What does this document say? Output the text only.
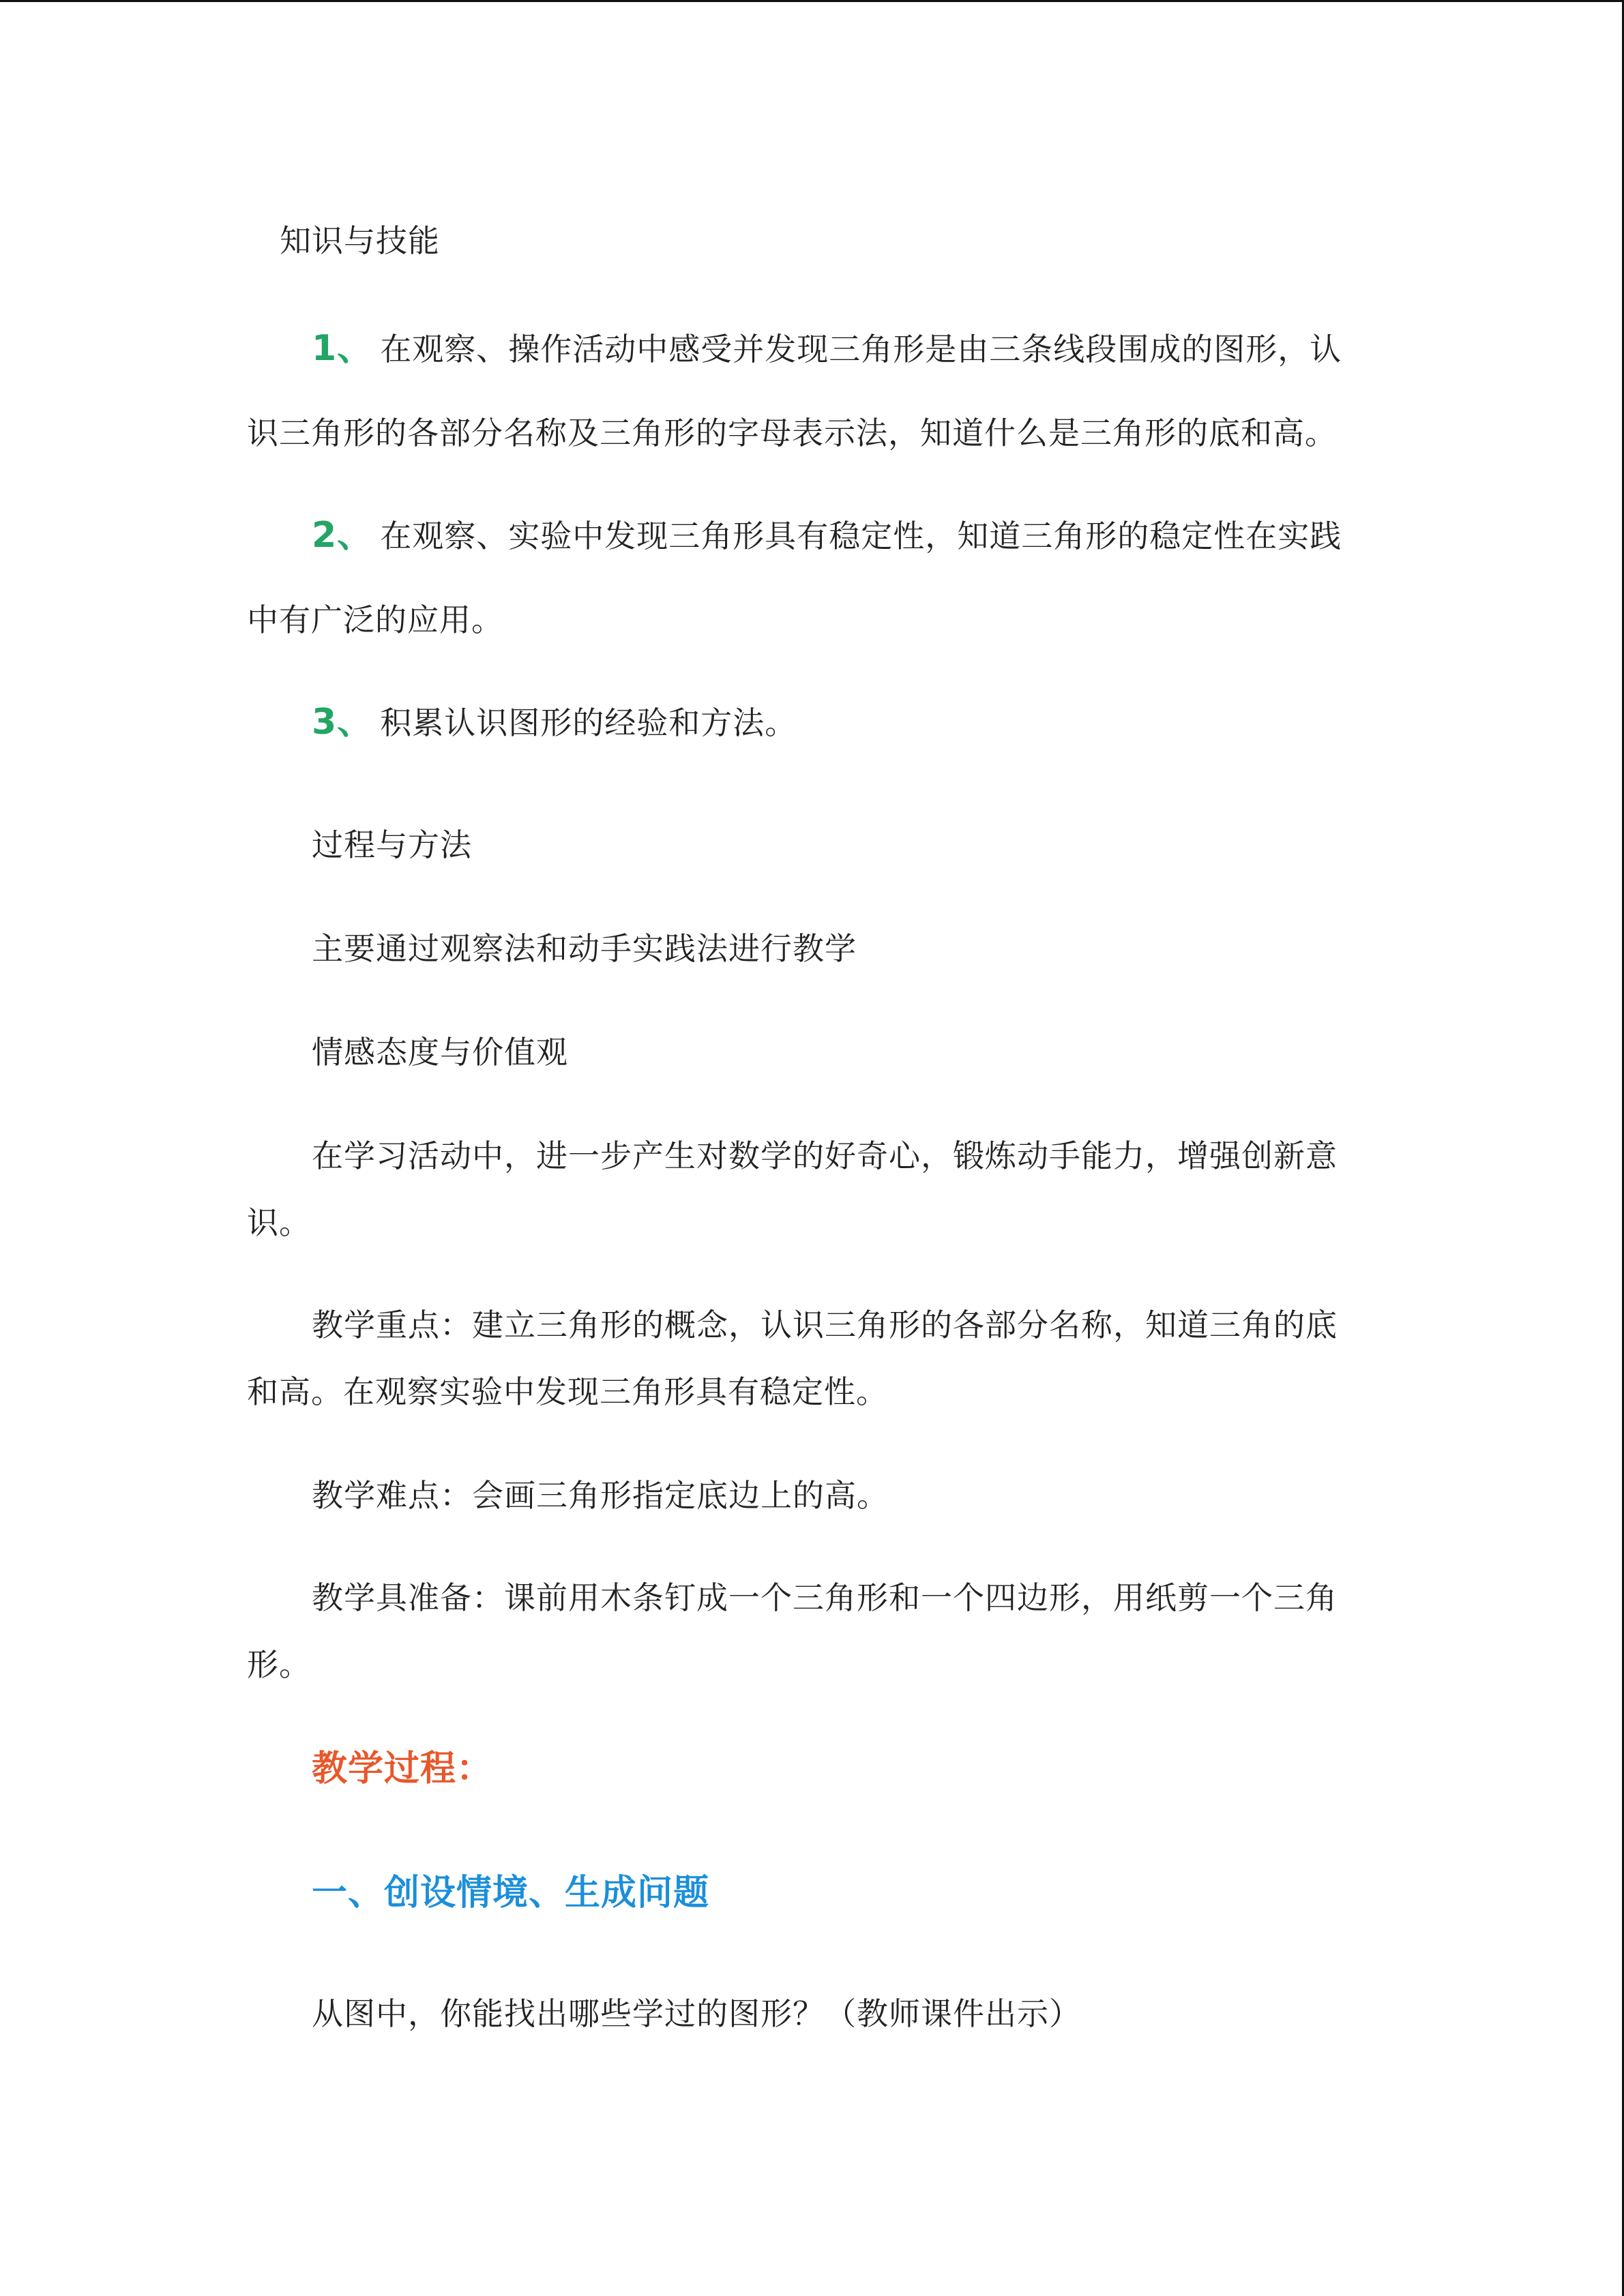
知识与技能
1、 在观察、操作活动中感受并发现三角形是由三条线段围成的图形，认
识三角形的各部分名称及三角形的字母表示法，知道什么是三角形的底和高。
2、 在观察、实验中发现三角形具有稳定性，知道三角形的稳定性在实践
中有广泛的应用。
3、 积累认识图形的经验和方法。
过程与方法
主要通过观察法和动手实践法进行教学
情感态度与价值观
在学习活动中，进一步产生对数学的好奇心，锻炼动手能力，增强创新意
识。
教学重点：建立三角形的概念，认识三角形的各部分名称，知道三角的底
和高。在观察实验中发现三角形具有稳定性。
教学难点：会画三角形指定底边上的高。
教学具准备：课前用木条钉成一个三角形和一个四边形，用纸剪一个三角
形。
教学过程：
一、创设情境、生成问题
从图中，你能找出哪些学过的图形？（教师课件出示）
